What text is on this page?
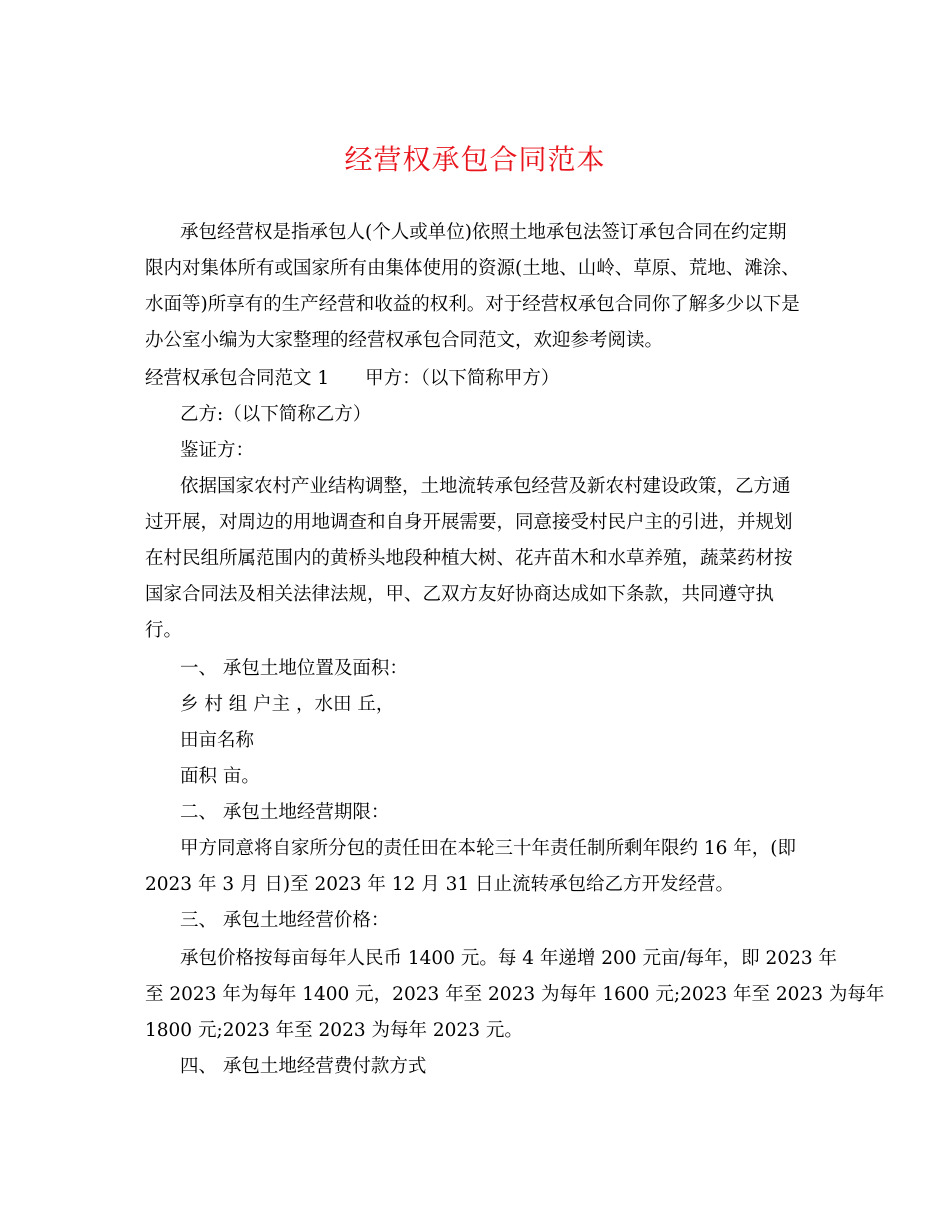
经营权承包合同范本
承包经营权是指承包人(个人或单位)依照土地承包法签订承包合同在约定期
限内对集体所有或国家所有由集体使用的资源(土地、山岭、草原、荒地、滩涂、
水面等)所享有的生产经营和收益的权利。对于经营权承包合同你了解多少以下是
办公室小编为大家整理的经营权承包合同范文，欢迎参考阅读。
经营权承包合同范文 1 甲方：（以下简称甲方）
乙方:（以下简称乙方）
鉴证方：
依据国家农村产业结构调整，土地流转承包经营及新农村建设政策，乙方通
过开展，对周边的用地调查和自身开展需要，同意接受村民户主的引进，并规划
在村民组所属范围内的黄桥头地段种植大树、花卉苗木和水草养殖，蔬菜药材按
国家合同法及相关法律法规，甲、乙双方友好协商达成如下条款，共同遵守执
行。
一、 承包土地位置及面积：
乡 村 组 户主 ，水田 丘，
田亩名称
面积 亩。
二、 承包土地经营期限：
甲方同意将自家所分包的责任田在本轮三十年责任制所剩年限约 16 年，(即
2023 年 3 月 日)至 2023 年 12 月 31 日止流转承包给乙方开发经营。
三、 承包土地经营价格：
承包价格按每亩每年人民币 1400 元。每 4 年递增 200 元亩/每年，即 2023 年
至 2023 年为每年 1400 元，2023 年至 2023 为每年 1600 元;2023 年至 2023 为每年
1800 元;2023 年至 2023 为每年 2023 元。
四、 承包土地经营费付款方式
